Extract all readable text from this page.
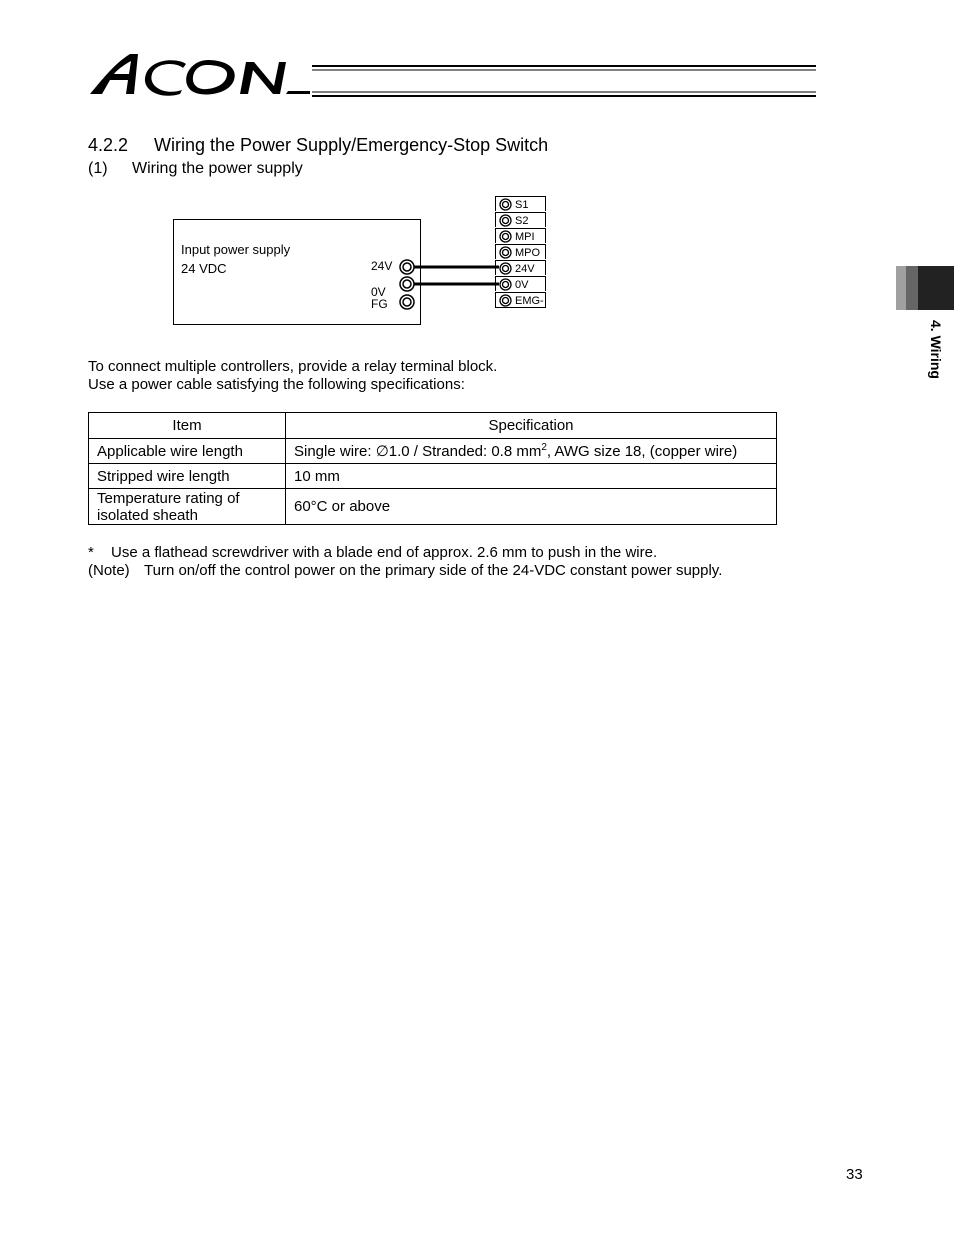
4. Wiring
4.2.2 Wiring the Power Supply/Emergency-Stop Switch
(1) Wiring the power supply
Input power supply
24 VDC	24V
0V
FG
S1
S2
MPI
MPO
24V
0V
EMG-
To connect multiple controllers, provide a relay terminal block.
Use a power cable satisfying the following specifications:
Item	Specification
Applicable wire length	Single wire: ∅1.0 / Stranded: 0.8 $mm^2$, AWG size 18, (copper wire)
Stripped wire length	10 mm
Temperature rating of
isolated sheath	60°C or above
* Use a flathead screwdriver with a blade end of approx. 2.6 mm to push in the wire.
(Note) Turn on/off the control power on the primary side of the 24-VDC constant power supply.
33
